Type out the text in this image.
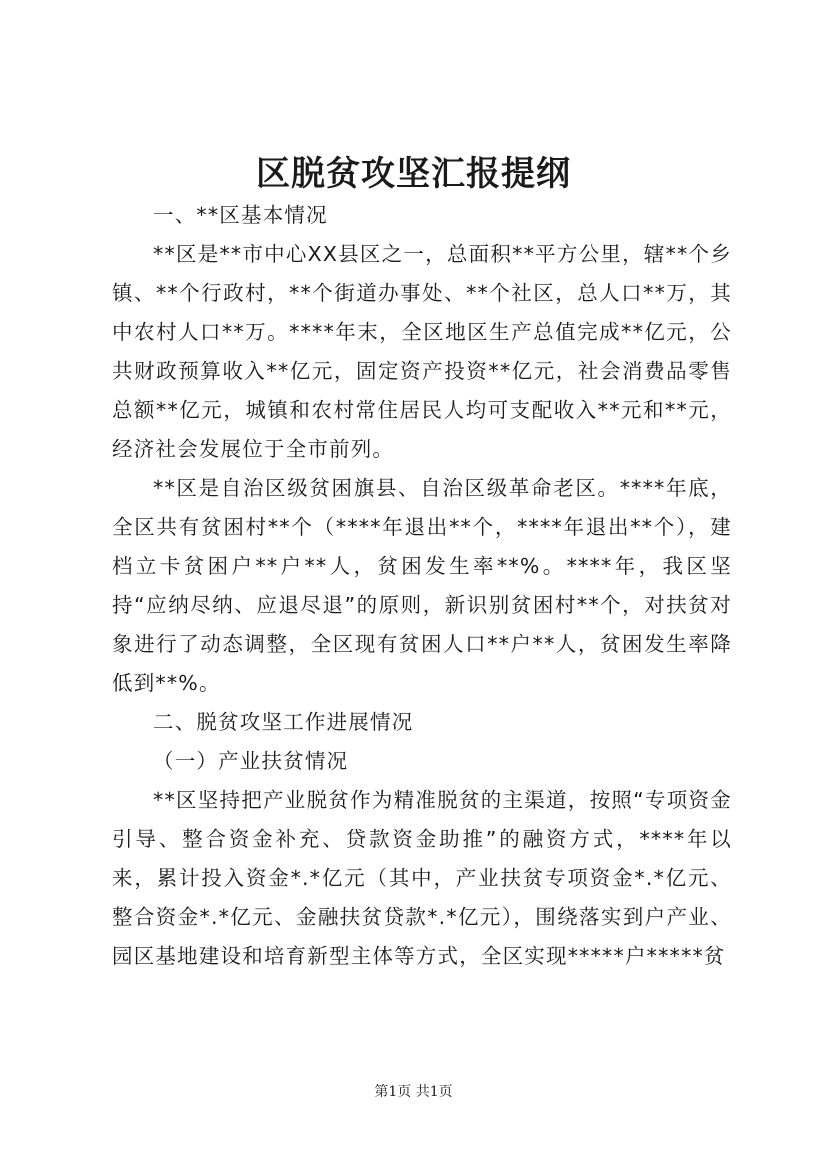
区脱贫攻坚汇报提纲

一、**区基本情况

**区是**市中心XX县区之一，总面积**平方公里，辖**个乡镇、**个行政村，**个街道办事处、**个社区，总人口**万，其中农村人口**万。****年末，全区地区生产总值完成**亿元，公共财政预算收入**亿元，固定资产投资**亿元，社会消费品零售总额**亿元，城镇和农村常住居民人均可支配收入**元和**元，经济社会发展位于全市前列。

**区是自治区级贫困旗县、自治区级革命老区。****年底，全区共有贫困村**个（****年退出**个，****年退出**个），建档立卡贫困户**户**人，贫困发生率**%。****年，我区坚持“应纳尽纳、应退尽退”的原则，新识别贫困村**个，对扶贫对象进行了动态调整，全区现有贫困人口**户**人，贫困发生率降低到**%。

二、脱贫攻坚工作进展情况

（一）产业扶贫情况

**区坚持把产业脱贫作为精准脱贫的主渠道，按照“专项资金引导、整合资金补充、贷款资金助推”的融资方式，****年以来，累计投入资金*.*亿元（其中，产业扶贫专项资金*.*亿元、整合资金*.*亿元、金融扶贫贷款*.*亿元），围绕落实到户产业、园区基地建设和培育新型主体等方式，全区实现*****户*****贫

第1页 共1页
